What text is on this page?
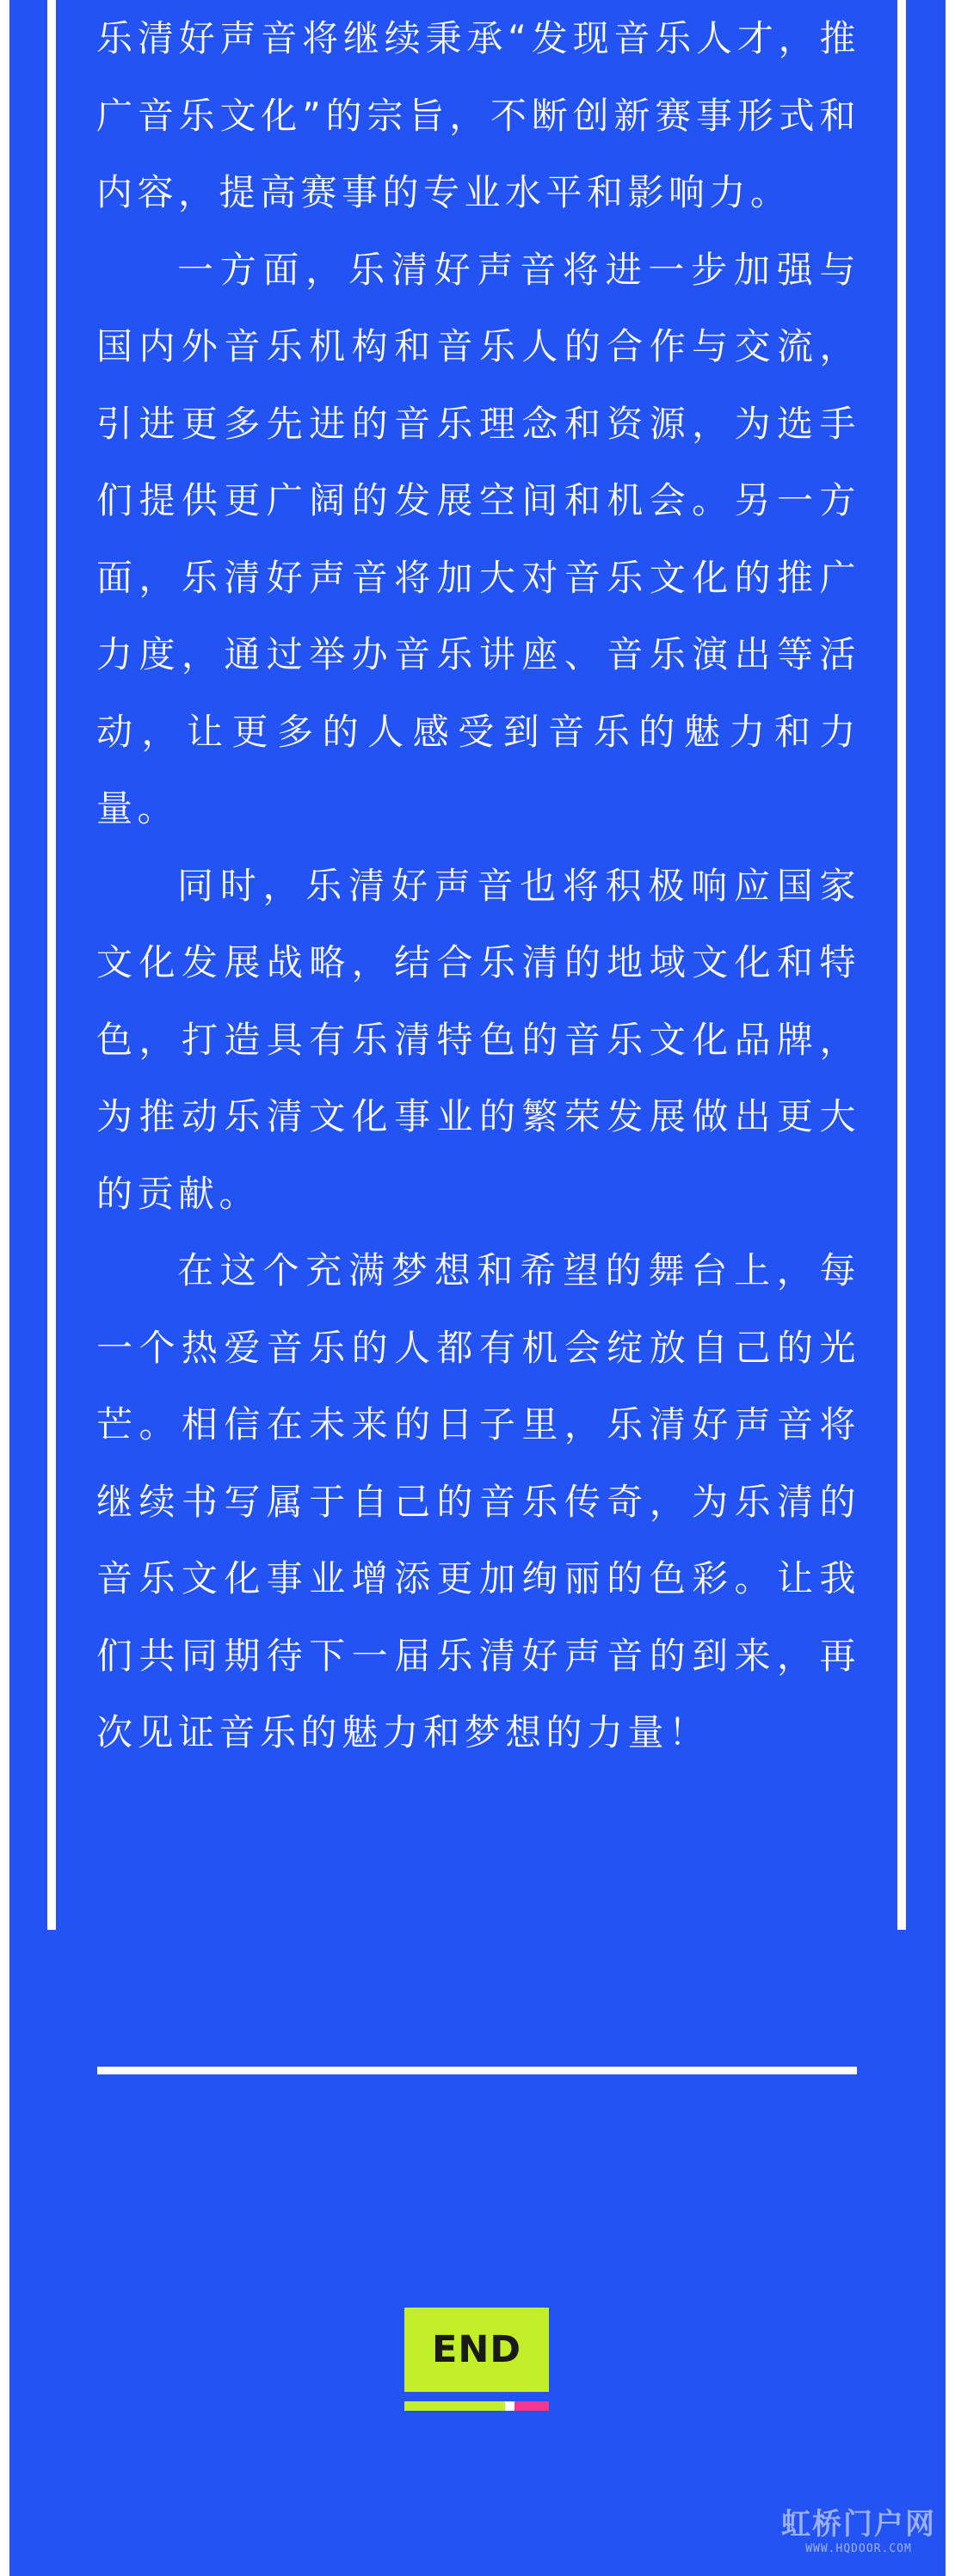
乐清好声音将继续秉承“发现音乐人才，推广音乐文化”的宗旨，不断创新赛事形式和内容，提高赛事的专业水平和影响力。

一方面，乐清好声音将进一步加强与国内外音乐机构和音乐人的合作与交流，引进更多先进的音乐理念和资源，为选手们提供更广阔的发展空间和机会。另一方面，乐清好声音将加大对音乐文化的推广力度，通过举办音乐讲座、音乐演出等活动，让更多的人感受到音乐的魅力和力量。

同时，乐清好声音也将积极响应国家文化发展战略，结合乐清的地域文化和特色，打造具有乐清特色的音乐文化品牌，为推动乐清文化事业的繁荣发展做出更大的贡献。

在这个充满梦想和希望的舞台上，每一个热爱音乐的人都有机会绽放自己的光芒。相信在未来的日子里，乐清好声音将继续书写属于自己的音乐传奇，为乐清的音乐文化事业增添更加绚丽的色彩。让我们共同期待下一届乐清好声音的到来，再次见证音乐的魅力和梦想的力量！

END
虹桥门户网
WWW.HQDOOR.COM
